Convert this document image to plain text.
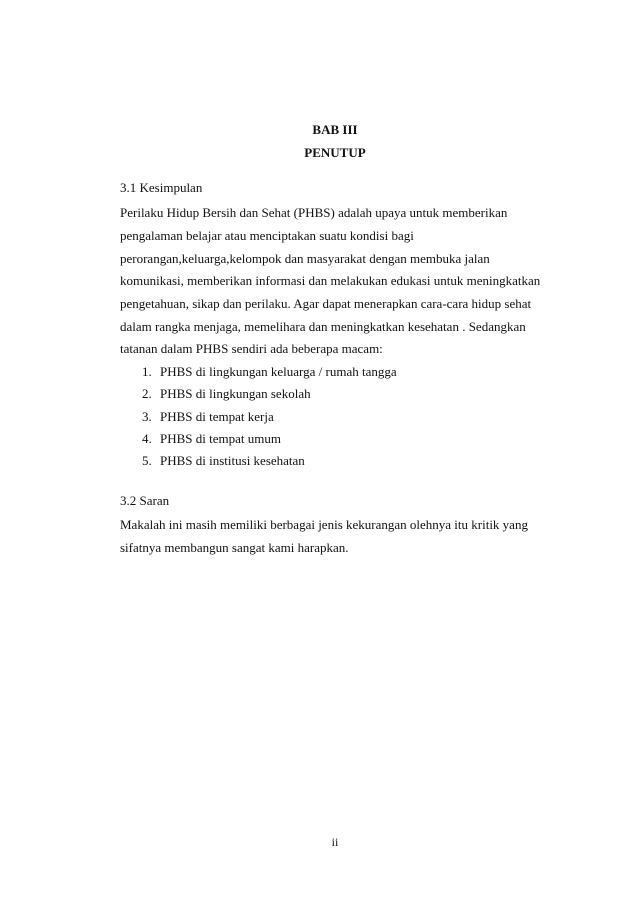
BAB III
PENUTUP
3.1 Kesimpulan
Perilaku Hidup Bersih dan Sehat (PHBS) adalah upaya untuk memberikan
pengalaman belajar atau menciptakan suatu kondisi bagi
perorangan,keluarga,kelompok dan masyarakat dengan membuka jalan
komunikasi, memberikan informasi dan melakukan edukasi untuk meningkatkan
pengetahuan, sikap dan perilaku. Agar dapat menerapkan cara-cara hidup sehat
dalam rangka menjaga, memelihara dan meningkatkan kesehatan . Sedangkan
tatanan dalam PHBS sendiri ada beberapa macam:
1. PHBS di lingkungan keluarga / rumah tangga
2. PHBS di lingkungan sekolah
3. PHBS di tempat kerja
4. PHBS di tempat umum
5. PHBS di institusi kesehatan
3.2 Saran
Makalah ini masih memiliki berbagai jenis kekurangan olehnya itu kritik yang
sifatnya membangun sangat kami harapkan.
ii
